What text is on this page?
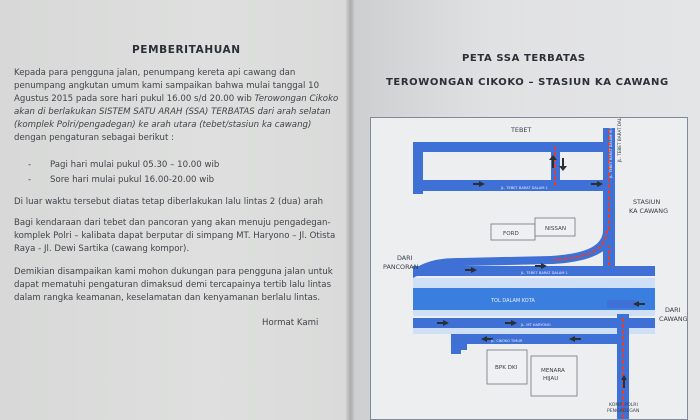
PEMBERITAHUAN
Kepada para pengguna jalan, penumpang kereta api cawang dan
penumpang angkutan umum kami sampaikan bahwa mulai tanggal 10
Agustus 2015 pada sore hari pukul 16.00 s/d 20.00 wib Terowongan Cikoko
akan di berlakukan SISTEM SATU ARAH (SSA) TERBATAS dari arah selatan
(komplek Polri/pengadegan) ke arah utara (tebet/stasiun ka cawang)
dengan pengaturan sebagai berikut :
- Pagi hari mulai pukul 05.30 – 10.00 wib
- Sore hari mulai pukul 16.00-20.00 wib
Di luar waktu tersebut diatas tetap diberlakukan lalu lintas 2 (dua) arah
Bagi kendaraan dari tebet dan pancoran yang akan menuju pengadegan-
komplek Polri – kalibata dapat berputar di simpang MT. Haryono – Jl. Otista
Raya - Jl. Dewi Sartika (cawang kompor).
Demikian disampaikan kami mohon dukungan para pengguna jalan untuk
dapat mematuhi pengaturan dimaksud demi tercapainya tertib lalu lintas
dalam rangka keamanan, keselamatan dan kenyamanan berlalu lintas.
Hormat Kami
PETA SSA TERBATAS
TEROWONGAN CIKOKO – STASIUN KA CAWANG
JL. TEBET BARAT DALAM 1
JL. TEBET BARAT DALAM 1
TOL DALAM KOTA
JL. MT HARYONO
JL. CIKOKO TIMUR
JL. TEBET BARAT DALAM IX B JL. TEBET BARAT DALAM RAYA
TEBET
STASIUN
KA CAWANG
FORD
NISSAN
DARI
PANCORAN
DARI
CAWANG
BPK DKI	MENARA
HIJAU
KOMP. POLRI
PENGADEGAN
